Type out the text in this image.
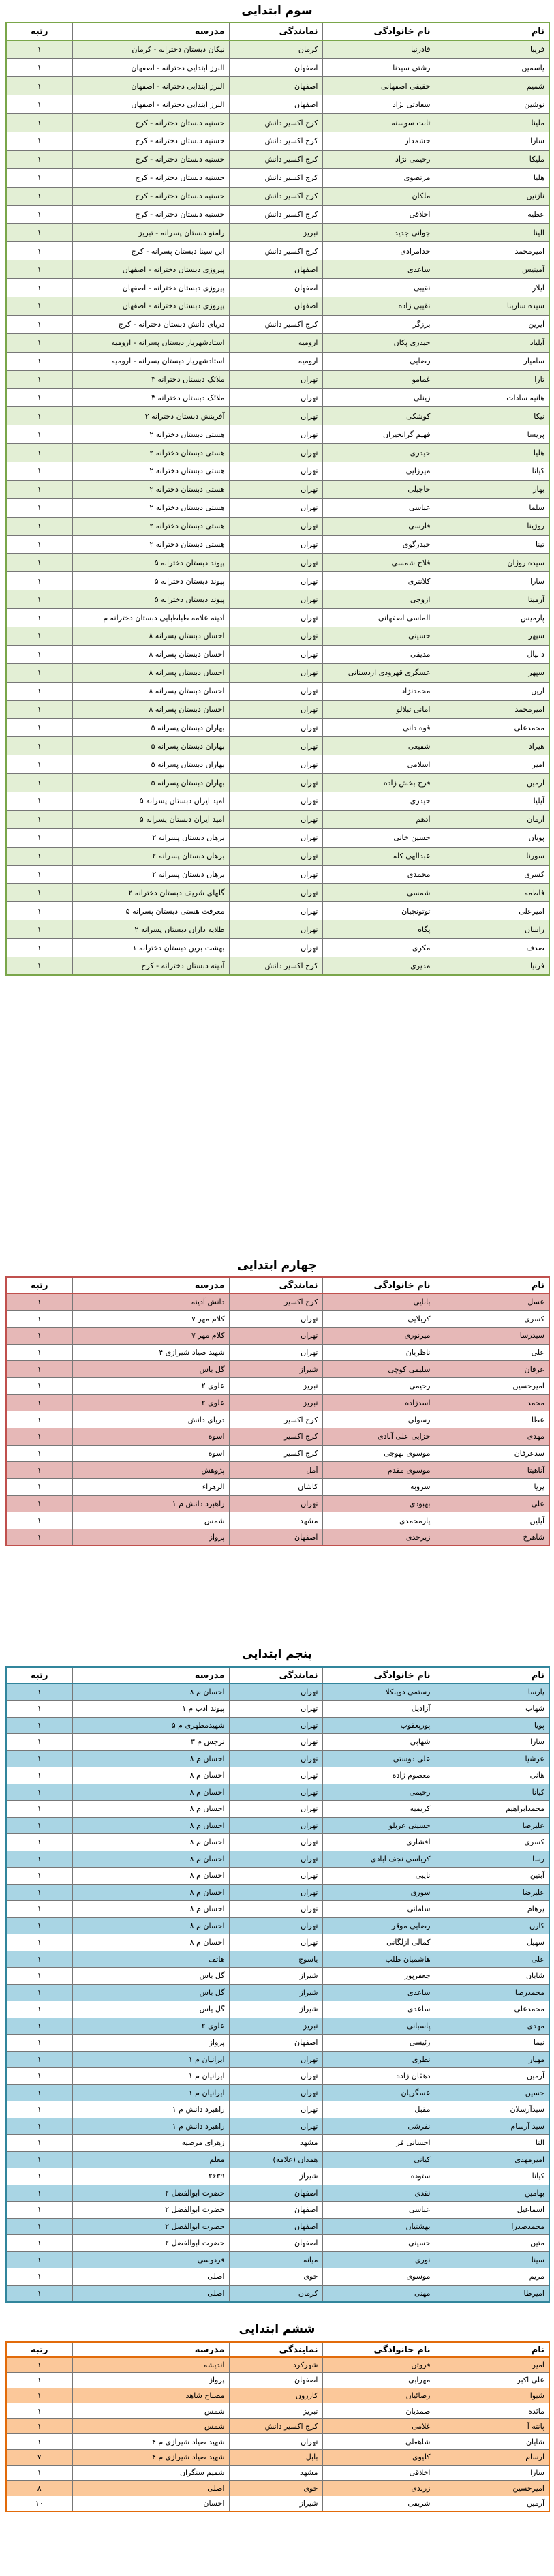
سوم ابتدایی
نام	نام خانوادگی	نمایندگی	مدرسه	رتبه
فریبا	قادرنیا	کرمان	نیکان دبستان دخترانه - کرمان	۱
یاسمین	رشتی سیدنا	اصفهان	البرز ابتدایی دخترانه - اصفهان	۱
شمیم	حقیقی اصفهانی	اصفهان	البرز ابتدایی دخترانه - اصفهان	۱
نوشین	سعادتی نژاد	اصفهان	البرز ابتدایی دخترانه - اصفهان	۱
ملینا	ثابت سوسنه	کرج اکسیر دانش	حسنیه دبستان دخترانه - کرج	۱
سارا	حشمدار	کرج اکسیر دانش	حسنیه دبستان دخترانه - کرج	۱
ملیکا	رحیمی نژاد	کرج اکسیر دانش	حسنیه دبستان دخترانه - کرج	۱
هلیا	مرتضوی	کرج اکسیر دانش	حسنیه دبستان دخترانه - کرج	۱
نازنین	ملکان	کرج اکسیر دانش	حسنیه دبستان دخترانه - کرج	۱
عطیه	اخلاقی	کرج اکسیر دانش	حسنیه دبستان دخترانه - کرج	۱
الینا	جوانی جدید	تبریز	رامنو دبستان پسرانه - تبریز	۱
امیرمحمد	خدامرادی	کرج اکسیر دانش	ابن سینا دبستان پسرانه - کرج	۱
آمیتیس	ساعدی	اصفهان	پیروزی دبستان دخترانه - اصفهان	۱
آیلار	نقیبی	اصفهان	پیروزی دبستان دخترانه - اصفهان	۱
سیده سارینا	نقیبی زاده	اصفهان	پیروزی دبستان دخترانه - اصفهان	۱
آیرین	برزگر	کرج اکسیر دانش	دریای دانش دبستان دخترانه - کرج	۱
آیلیاد	حیدری پکان	ارومیه	استادشهریار دبستان پسرانه - ارومیه	۱
سامیار	رضایی	ارومیه	استادشهریار دبستان پسرانه - ارومیه	۱
تارا	غمامو	تهران	ملائک دبستان دخترانه ۳	۱
هانیه سادات	زینلی	تهران	ملائک دبستان دخترانه ۳	۱
نیکا	کوشکی	تهران	آفرینش دبستان دخترانه ۲	۱
پریسا	فهیم گرانخیزان	تهران	هستی دبستان دخترانه ۲	۱
هلیا	حیدری	تهران	هستی دبستان دخترانه ۲	۱
کیانا	میرزایی	تهران	هستی دبستان دخترانه ۲	۱
بهار	حاجیلی	تهران	هستی دبستان دخترانه ۲	۱
سلما	عباسی	تهران	هستی دبستان دخترانه ۲	۱
روژینا	فارسی	تهران	هستی دبستان دخترانه ۲	۱
تینا	حیدرگوی	تهران	هستی دبستان دخترانه ۲	۱
سیده روژان	فلاح شمسی	تهران	پیوند دبستان دخترانه ۵	۱
سارا	کلانتری	تهران	پیوند دبستان دخترانه ۵	۱
آرمیتا	ازوجی	تهران	پیوند دبستان دخترانه ۵	۱
پارمیس	الماسی اصفهانی	تهران	آدینه علامه طباطبایی دبستان دخترانه م	۱
سپهر	حسینی	تهران	احسان دبستان پسرانه ۸	۱
دانیال	مدیقی	تهران	احسان دبستان پسرانه ۸	۱
سپهر	عسگری قهرودی اردستانی	تهران	احسان دبستان پسرانه ۸	۱
آرین	محمدنژاد	تهران	احسان دبستان پسرانه ۸	۱
امیرمحمد	امانی تبلالو	تهران	احسان دبستان پسرانه ۸	۱
محمدعلی	قوه دانی	تهران	بهاران دبستان پسرانه ۵	۱
هیراد	شفیعی	تهران	بهاران دبستان پسرانه ۵	۱
امیر	اسلامی	تهران	بهاران دبستان پسرانه ۵	۱
آرمین	فرح بخش زاده	تهران	بهاران دبستان پسرانه ۵	۱
آیلیا	حیدری	تهران	امید ایران دبستان پسرانه ۵	۱
آرمان	ادهم	تهران	امید ایران دبستان پسرانه ۵	۱
پویان	حسین خانی	تهران	برهان دبستان پسرانه ۲	۱
سورنا	عبدالهی کله	تهران	برهان دبستان پسرانه ۲	۱
کسری	محمدی	تهران	برهان دبستان پسرانه ۲	۱
فاطمه	شمسی	تهران	گلهای شریف دبستان دخترانه ۲	۱
امیرعلی	توتونچیان	تهران	معرفت هستی دبستان پسرانه ۵	۱
راسان	پگاه	تهران	طلایه داران دبستان پسرانه ۲	۱
صدف	مکری	تهران	بهشت برین دبستان دخترانه ۱	۱
فرنیا	مدیری	کرج اکسیر دانش	آدینه دبستان دخترانه - کرج	۱
چهارم ابتدایی
نام	نام خانوادگی	نمایندگی	مدرسه	رتبه
عسل	بابایی	کرج اکسیر	دانش آدینه	۱
کسری	کربلایی	تهران	کلام مهر ۷	۱
سیدرسا	میرنوری	تهران	کلام مهر ۷	۱
علی	ناظریان	تهران	شهید صیاد شیرازی ۴	۱
عرفان	سلیمی کوچی	شیراز	گل یاس	۱
امیرحسین	رحیمی	تبریز	علوی ۲	۱
محمد	اسدزاده	تبریز	علوی ۲	۱
عطا	رسولی	کرج اکسیر	دریای دانش	۱
مهدی	خزایی علی آبادی	کرج اکسیر	اسوه	۱
سدعرفان	موسوی نهوجی	کرج اکسیر	اسوه	۱
آناهیتا	موسوی مقدم	آمل	پژوهش	۱
پریا	سروبه	کاشان	الزهراء	۱
علی	بهبودی	تهران	راهبرد دانش م ۱	۱
آیلین	یارمحمدی	مشهد	شمس	۱
شاهرخ	زیرجدی	اصفهان	پرواز	۱
پنجم ابتدایی
نام	نام خانوادگی	نمایندگی	مدرسه	رتبه
پارسا	رستمی دوینکلا	تهران	احسان م ۸	۱
شهاب	آزادیل	تهران	پیوند ادب م ۱	۱
پویا	پورپعقوب	تهران	شهیدمطهری م ۵	۱
سارا	شهابی	تهران	نرجس م ۳	۱
عرشیا	علی دوستی	تهران	احسان م ۸	۱
هانی	معصوم زاده	تهران	احسان م ۸	۱
کیانا	رحیمی	تهران	احسان م ۸	۱
محمدابراهیم	کریمیه	تهران	احسان م ۸	۱
علیرضا	حسینی عربلو	تهران	احسان م ۸	۱
کسری	افشاری	تهران	احسان م ۸	۱
رسا	کرباسی نجف آبادی	تهران	احسان م ۸	۱
آبتین	نایبی	تهران	احسان م ۸	۱
علیرضا	سوری	تهران	احسان م ۸	۱
پرهام	سامانی	تهران	احسان م ۸	۱
کارن	رضایی موقر	تهران	احسان م ۸	۱
سهیل	کمالی ازلگانی	تهران	احسان م ۸	۱
علی	هاشمیان طلب	یاسوج	هاتف	۱
شایان	جعفرپور	شیراز	گل یاس	۱
محمدرضا	ساعدی	شیراز	گل یاس	۱
محمدعلی	ساعدی	شیراز	گل یاس	۱
مهدی	پاسبانی	تبریز	علوی ۲	۱
نیما	رئیسی	اصفهان	پرواز	۱
مهیار	نظری	تهران	ایرانیان م ۱	۱
آرمین	دهقان زاده	تهران	ایرانیان م ۱	۱
حسین	عسگریان	تهران	ایرانیان م ۱	۱
سیدآرسلان	مقبل	تهران	راهبرد دانش م ۱	۱
سید آرسام	نفرشی	تهران	راهبرد دانش م ۱	۱
التا	احسانی فر	مشهد	زهرای مرضیه	۱
امیرمهدی	کیانی	همدان (علامه)	معلم	۱
کیانا	ستوده	شیراز	۲۶۳۹	۱
بهامین	نقدی	اصفهان	حضرت ابوالفضل ۲	۱
اسماعیل	عباسی	اصفهان	حضرت ابوالفضل ۲	۱
محمدصدرا	بهشتیان	اصفهان	حضرت ابوالفضل ۲	۱
متین	حسینی	اصفهان	حضرت ابوالفضل ۲	۱
سینا	نوری	میانه	فردوسی	۱
مریم	موسوی	خوی	اصلی	۱
امیرطا	مهنی	کرمان	اصلی	۱
ششم ابتدایی
نام	نام خانوادگی	نمایندگی	مدرسه	رتبه
آمیر	فروتن	شهرکرد	اندیشه	۱
علی اکبر	مهرابی	اصفهان	پرواز	۱
شیوا	رضائیان	کازرون	مصباح شاهد	۱
مائده	صمدیان	تبریز	شمس	۱
پانته آ	غلامی	کرج اکسیر دانش	شمس	۱
شایان	شاهعلی	تهران	شهید صیاد شیرازی م ۴	۱
آرسام	کلیوی	بابل	شهید صیاد شیرازی م ۴	۷
سارا	اخلاقی	مشهد	شمیم سنگران	۱
امیرحسین	زرندی	خوی	اصلی	۸
آرمین	شریفی	شیراز	احسان	۱۰
